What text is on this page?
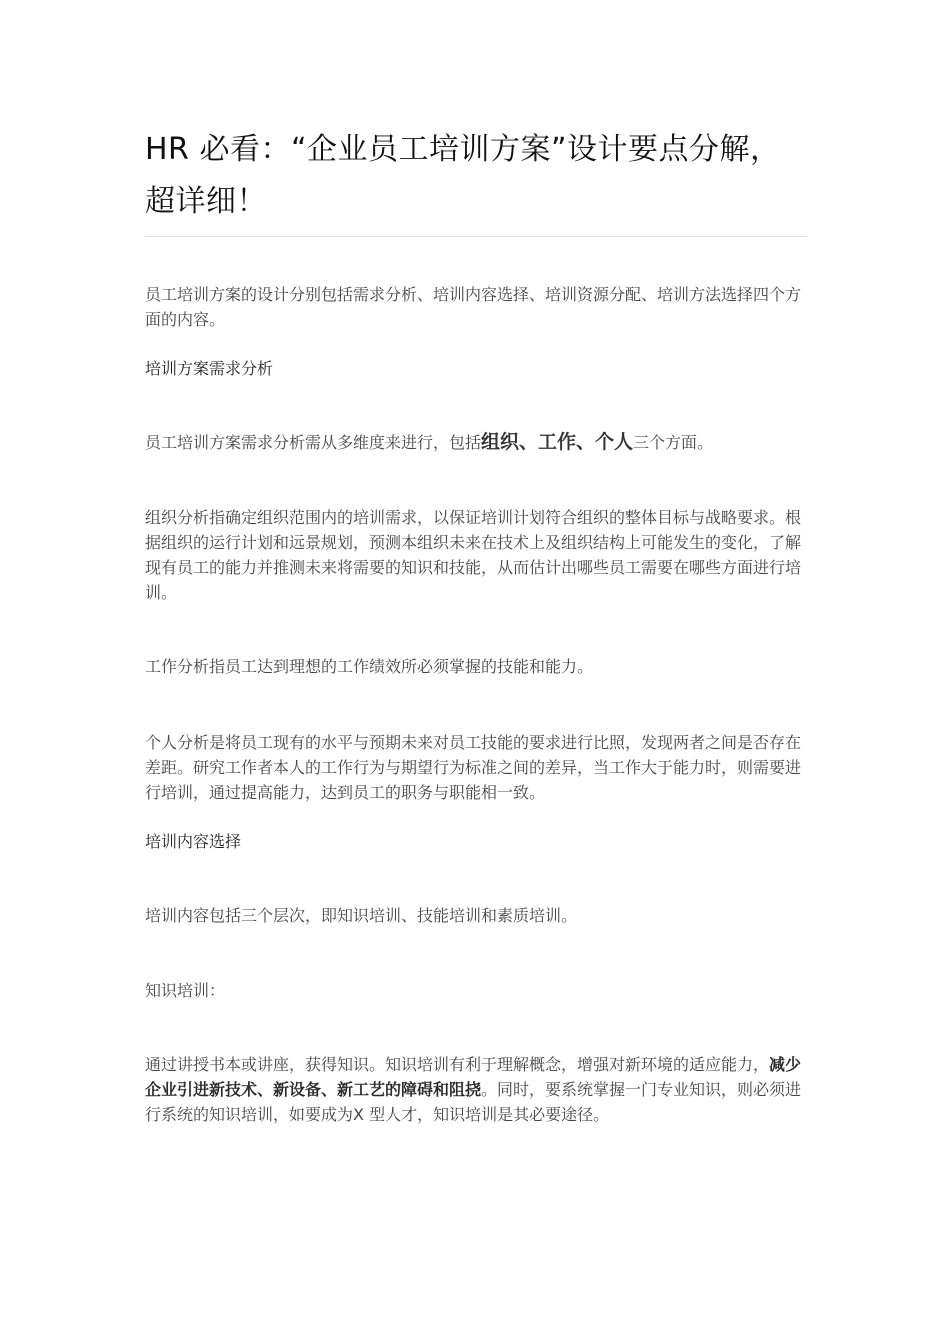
HR 必看：“企业员工培训方案”设计要点分解，超详细！

员工培训方案的设计分别包括需求分析、培训内容选择、培训资源分配、培训方法选择四个方面的内容。

培训方案需求分析

员工培训方案需求分析需从多维度来进行，包括组织、工作、个人三个方面。

组织分析指确定组织范围内的培训需求，以保证培训计划符合组织的整体目标与战略要求。根据组织的运行计划和远景规划，预测本组织未来在技术上及组织结构上可能发生的变化，了解现有员工的能力并推测未来将需要的知识和技能，从而估计出哪些员工需要在哪些方面进行培训。

工作分析指员工达到理想的工作绩效所必须掌握的技能和能力。

个人分析是将员工现有的水平与预期未来对员工技能的要求进行比照，发现两者之间是否存在差距。研究工作者本人的工作行为与期望行为标准之间的差异，当工作大于能力时，则需要进行培训，通过提高能力，达到员工的职务与职能相一致。

培训内容选择

培训内容包括三个层次，即知识培训、技能培训和素质培训。

知识培训：

通过讲授书本或讲座，获得知识。知识培训有利于理解概念，增强对新环境的适应能力，减少企业引进新技术、新设备、新工艺的障碍和阻挠。同时，要系统掌握一门专业知识，则必须进行系统的知识培训，如要成为X 型人才，知识培训是其必要途径。
